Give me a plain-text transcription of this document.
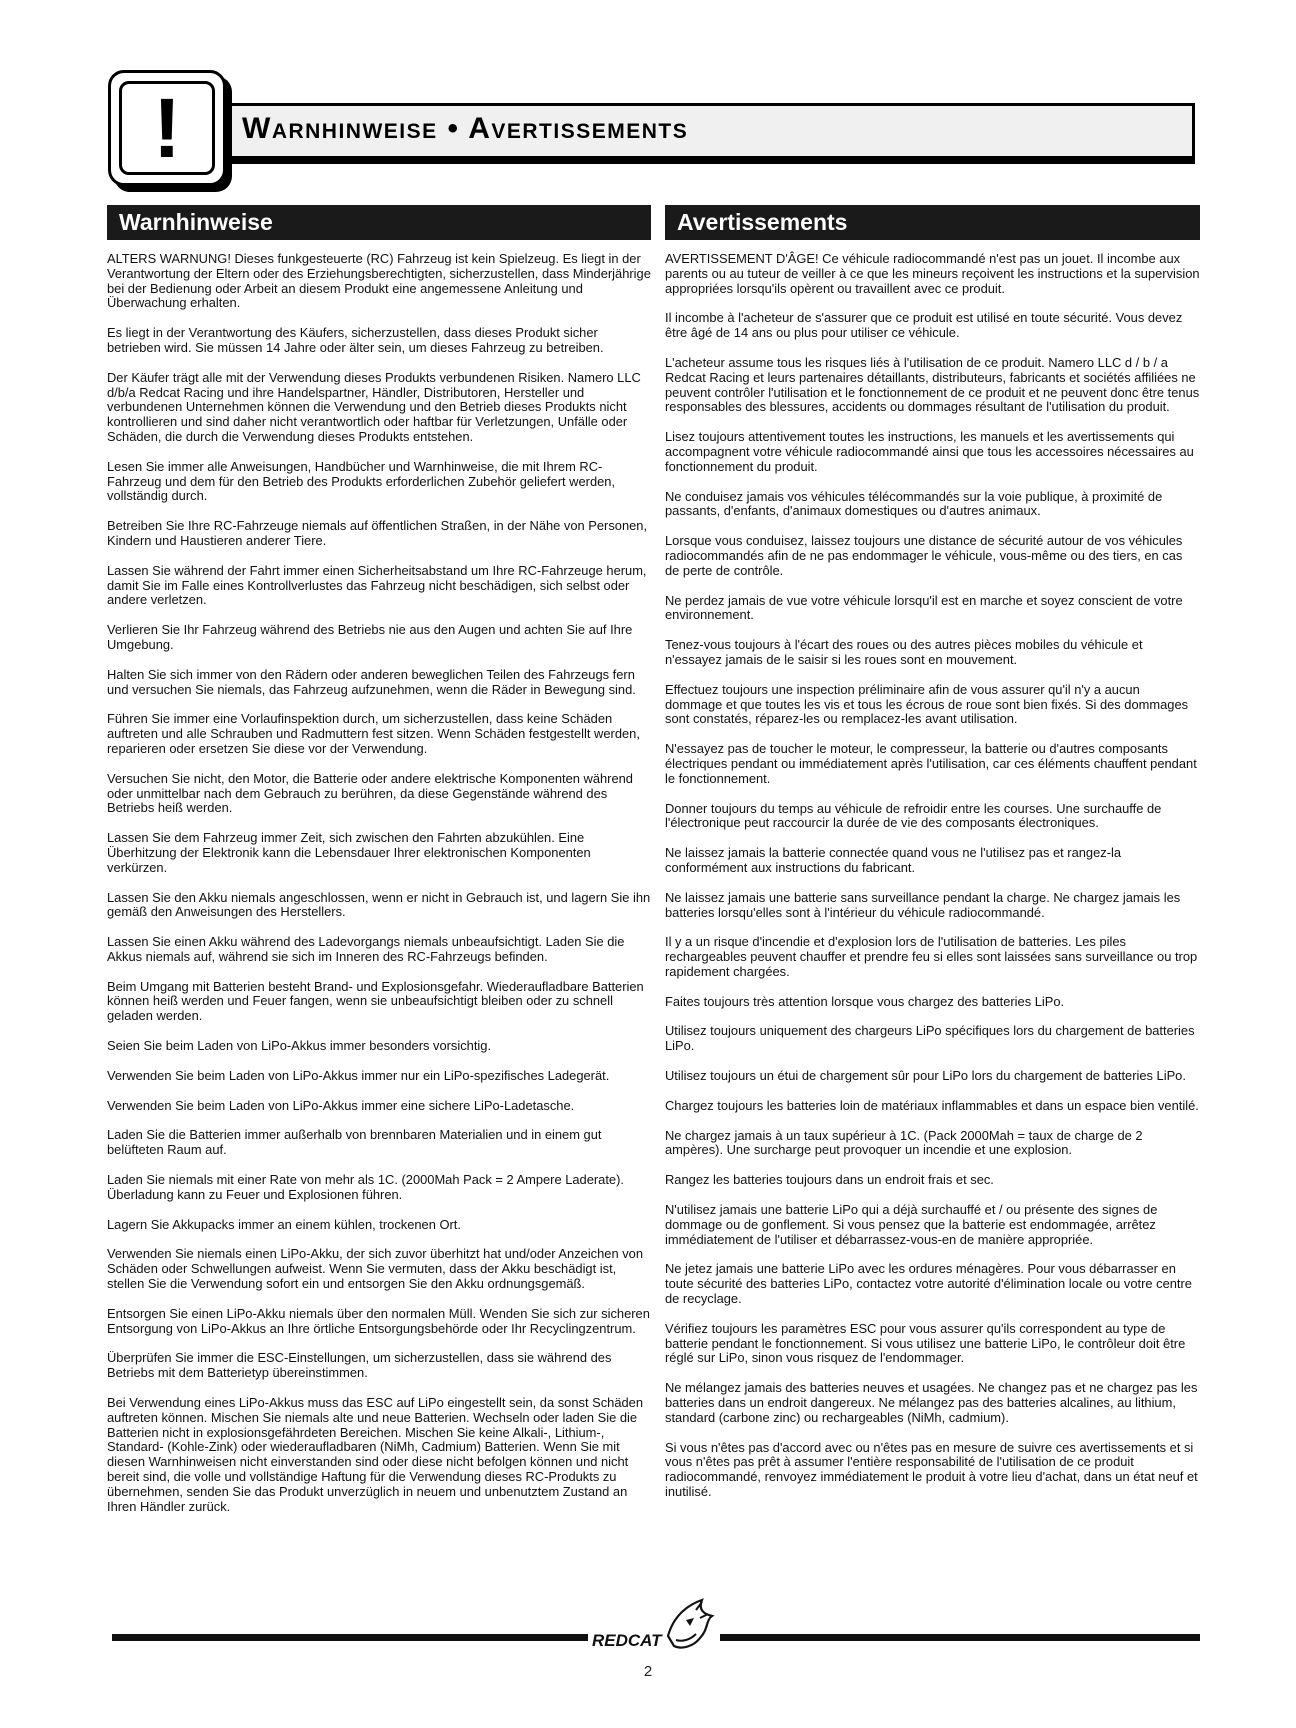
Warnhinweise • Avertissements
!
Warnhinweise

ALTERS WARNUNG! Dieses funkgesteuerte (RC) Fahrzeug ist kein Spielzeug. Es liegt in der Verantwortung der Eltern oder des Erziehungsberechtigten, sicherzustellen, dass Minderjährige bei der Bedienung oder Arbeit an diesem Produkt eine angemessene Anleitung und Überwachung erhalten.

Es liegt in der Verantwortung des Käufers, sicherzustellen, dass dieses Produkt sicher betrieben wird. Sie müssen 14 Jahre oder älter sein, um dieses Fahrzeug zu betreiben.

Der Käufer trägt alle mit der Verwendung dieses Produkts verbundenen Risiken. Namero LLC d/b/a Redcat Racing und ihre Handelspartner, Händler, Distributoren, Hersteller und verbundenen Unternehmen können die Verwendung und den Betrieb dieses Produkts nicht kontrollieren und sind daher nicht verantwortlich oder haftbar für Verletzungen, Unfälle oder Schäden, die durch die Verwendung dieses Produkts entstehen.

Lesen Sie immer alle Anweisungen, Handbücher und Warnhinweise, die mit Ihrem RC-Fahrzeug und dem für den Betrieb des Produkts erforderlichen Zubehör geliefert werden, vollständig durch.

Betreiben Sie Ihre RC-Fahrzeuge niemals auf öffentlichen Straßen, in der Nähe von Personen, Kindern und Haustieren anderer Tiere.

Lassen Sie während der Fahrt immer einen Sicherheitsabstand um Ihre RC-Fahrzeuge herum, damit Sie im Falle eines Kontrollverlustes das Fahrzeug nicht beschädigen, sich selbst oder andere verletzen.

Verlieren Sie Ihr Fahrzeug während des Betriebs nie aus den Augen und achten Sie auf Ihre Umgebung.

Halten Sie sich immer von den Rädern oder anderen beweglichen Teilen des Fahrzeugs fern und versuchen Sie niemals, das Fahrzeug aufzunehmen, wenn die Räder in Bewegung sind.

Führen Sie immer eine Vorlaufinspektion durch, um sicherzustellen, dass keine Schäden auftreten und alle Schrauben und Radmuttern fest sitzen. Wenn Schäden festgestellt werden, reparieren oder ersetzen Sie diese vor der Verwendung.

Versuchen Sie nicht, den Motor, die Batterie oder andere elektrische Komponenten während oder unmittelbar nach dem Gebrauch zu berühren, da diese Gegenstände während des Betriebs heiß werden.

Lassen Sie dem Fahrzeug immer Zeit, sich zwischen den Fahrten abzukühlen. Eine Überhitzung der Elektronik kann die Lebensdauer Ihrer elektronischen Komponenten verkürzen.

Lassen Sie den Akku niemals angeschlossen, wenn er nicht in Gebrauch ist, und lagern Sie ihn gemäß den Anweisungen des Herstellers.

Lassen Sie einen Akku während des Ladevorgangs niemals unbeaufsichtigt. Laden Sie die Akkus niemals auf, während sie sich im Inneren des RC-Fahrzeugs befinden.

Beim Umgang mit Batterien besteht Brand- und Explosionsgefahr. Wiederaufladbare Batterien können heiß werden und Feuer fangen, wenn sie unbeaufsichtigt bleiben oder zu schnell geladen werden.

Seien Sie beim Laden von LiPo-Akkus immer besonders vorsichtig.

Verwenden Sie beim Laden von LiPo-Akkus immer nur ein LiPo-spezifisches Ladegerät.

Verwenden Sie beim Laden von LiPo-Akkus immer eine sichere LiPo-Ladetasche.

Laden Sie die Batterien immer außerhalb von brennbaren Materialien und in einem gut belüfteten Raum auf.

Laden Sie niemals mit einer Rate von mehr als 1C. (2000Mah Pack = 2 Ampere Laderate). Überladung kann zu Feuer und Explosionen führen.

Lagern Sie Akkupacks immer an einem kühlen, trockenen Ort.

Verwenden Sie niemals einen LiPo-Akku, der sich zuvor überhitzt hat und/oder Anzeichen von Schäden oder Schwellungen aufweist. Wenn Sie vermuten, dass der Akku beschädigt ist, stellen Sie die Verwendung sofort ein und entsorgen Sie den Akku ordnungsgemäß.

Entsorgen Sie einen LiPo-Akku niemals über den normalen Müll. Wenden Sie sich zur sicheren Entsorgung von LiPo-Akkus an Ihre örtliche Entsorgungsbehörde oder Ihr Recyclingzentrum.

Überprüfen Sie immer die ESC-Einstellungen, um sicherzustellen, dass sie während des Betriebs mit dem Batterietyp übereinstimmen.

Bei Verwendung eines LiPo-Akkus muss das ESC auf LiPo eingestellt sein, da sonst Schäden auftreten können. Mischen Sie niemals alte und neue Batterien. Wechseln oder laden Sie die Batterien nicht in explosionsgefährdeten Bereichen. Mischen Sie keine Alkali-, Lithium-, Standard- (Kohle-Zink) oder wiederaufladbaren (NiMh, Cadmium) Batterien. Wenn Sie mit diesen Warnhinweisen nicht einverstanden sind oder diese nicht befolgen können und nicht bereit sind, die volle und vollständige Haftung für die Verwendung dieses RC-Produkts zu übernehmen, senden Sie das Produkt unverzüglich in neuem und unbenutztem Zustand an Ihren Händler zurück.

Avertissements

AVERTISSEMENT D'ÂGE! Ce véhicule radiocommandé n'est pas un jouet. Il incombe aux parents ou au tuteur de veiller à ce que les mineurs reçoivent les instructions et la supervision appropriées lorsqu'ils opèrent ou travaillent avec ce produit.

Il incombe à l'acheteur de s'assurer que ce produit est utilisé en toute sécurité. Vous devez être âgé de 14 ans ou plus pour utiliser ce véhicule.

L'acheteur assume tous les risques liés à l'utilisation de ce produit. Namero LLC d / b / a Redcat Racing et leurs partenaires détaillants, distributeurs, fabricants et sociétés affiliées ne peuvent contrôler l'utilisation et le fonctionnement de ce produit et ne peuvent donc être tenus responsables des blessures, accidents ou dommages résultant de l'utilisation du produit.

Lisez toujours attentivement toutes les instructions, les manuels et les avertissements qui accompagnent votre véhicule radiocommandé ainsi que tous les accessoires nécessaires au fonctionnement du produit.

Ne conduisez jamais vos véhicules télécommandés sur la voie publique, à proximité de passants, d'enfants, d'animaux domestiques ou d'autres animaux.

Lorsque vous conduisez, laissez toujours une distance de sécurité autour de vos véhicules radiocommandés afin de ne pas endommager le véhicule, vous-même ou des tiers, en cas de perte de contrôle.

Ne perdez jamais de vue votre véhicule lorsqu'il est en marche et soyez conscient de votre environnement.

Tenez-vous toujours à l'écart des roues ou des autres pièces mobiles du véhicule et n'essayez jamais de le saisir si les roues sont en mouvement.

Effectuez toujours une inspection préliminaire afin de vous assurer qu'il n'y a aucun dommage et que toutes les vis et tous les écrous de roue sont bien fixés. Si des dommages sont constatés, réparez-les ou remplacez-les avant utilisation.

N'essayez pas de toucher le moteur, le compresseur, la batterie ou d'autres composants électriques pendant ou immédiatement après l'utilisation, car ces éléments chauffent pendant le fonctionnement.

Donner toujours du temps au véhicule de refroidir entre les courses. Une surchauffe de l'électronique peut raccourcir la durée de vie des composants électroniques.

Ne laissez jamais la batterie connectée quand vous ne l'utilisez pas et rangez-la conformément aux instructions du fabricant.

Ne laissez jamais une batterie sans surveillance pendant la charge. Ne chargez jamais les batteries lorsqu'elles sont à l'intérieur du véhicule radiocommandé.

Il y a un risque d'incendie et d'explosion lors de l'utilisation de batteries. Les piles rechargeables peuvent chauffer et prendre feu si elles sont laissées sans surveillance ou trop rapidement chargées.

Faites toujours très attention lorsque vous chargez des batteries LiPo.

Utilisez toujours uniquement des chargeurs LiPo spécifiques lors du chargement de batteries LiPo.

Utilisez toujours un étui de chargement sûr pour LiPo lors du chargement de batteries LiPo.

Chargez toujours les batteries loin de matériaux inflammables et dans un espace bien ventilé.

Ne chargez jamais à un taux supérieur à 1C. (Pack 2000Mah = taux de charge de 2 ampères). Une surcharge peut provoquer un incendie et une explosion.

Rangez les batteries toujours dans un endroit frais et sec.

N'utilisez jamais une batterie LiPo qui a déjà surchauffé et / ou présente des signes de dommage ou de gonflement. Si vous pensez que la batterie est endommagée, arrêtez immédiatement de l'utiliser et débarrassez-vous-en de manière appropriée.

Ne jetez jamais une batterie LiPo avec les ordures ménagères. Pour vous débarrasser en toute sécurité des batteries LiPo, contactez votre autorité d'élimination locale ou votre centre de recyclage.

Vérifiez toujours les paramètres ESC pour vous assurer qu'ils correspondent au type de batterie pendant le fonctionnement. Si vous utilisez une batterie LiPo, le contrôleur doit être réglé sur LiPo, sinon vous risquez de l'endommager.

Ne mélangez jamais des batteries neuves et usagées. Ne changez pas et ne chargez pas les batteries dans un endroit dangereux. Ne mélangez pas des batteries alcalines, au lithium, standard (carbone zinc) ou rechargeables (NiMh, cadmium).

Si vous n'êtes pas d'accord avec ou n'êtes pas en mesure de suivre ces avertissements et si vous n'êtes pas prêt à assumer l'entière responsabilité de l'utilisation de ce produit radiocommandé, renvoyez immédiatement le produit à votre lieu d'achat, dans un état neuf et inutilisé.

REDCAT
2
